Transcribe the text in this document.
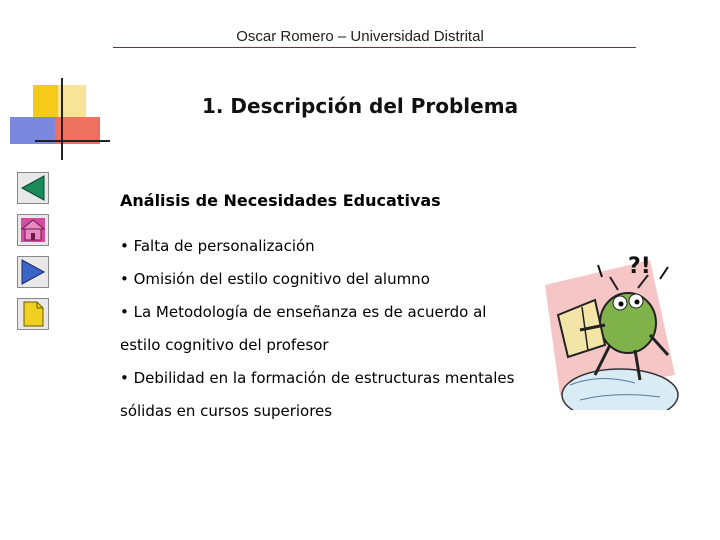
Oscar Romero – Universidad Distrital
1. Descripción del Problema
Análisis de Necesidades Educativas
• Falta de personalización
• Omisión del estilo cognitivo del alumno
• La Metodología de enseñanza es de acuerdo al estilo cognitivo del profesor
• Debilidad en la formación de estructuras mentales sólidas en cursos superiores
?!
